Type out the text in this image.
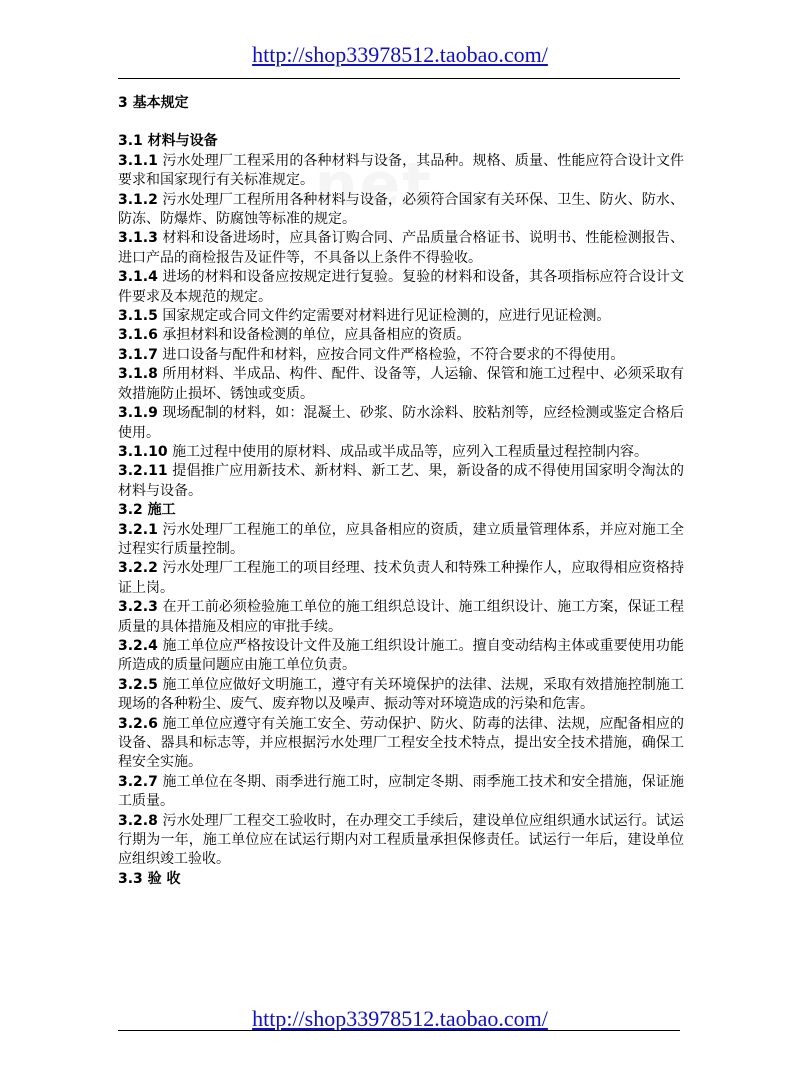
http://shop33978512.taobao.com/
.net

3 基本规定

3.1 材料与设备

3.1.1 污水处理厂工程采用的各种材料与设备，其品种。规格、质量、性能应符合设计文件要求和国家现行有关标准规定。

3.1.2 污水处理厂工程所用各种材料与设备，必须符合国家有关环保、卫生、防火、防水、防冻、防爆炸、防腐蚀等标准的规定。

3.1.3 材料和设备进场时，应具备订购合同、产品质量合格证书、说明书、性能检测报告、进口产品的商检报告及证件等，不具备以上条件不得验收。

3.1.4 进场的材料和设备应按规定进行复验。复验的材料和设备，其各项指标应符合设计文件要求及本规范的规定。

3.1.5 国家规定或合同文件约定需要对材料进行见证检测的，应进行见证检测。

3.1.6 承担材料和设备检测的单位，应具备相应的资质。

3.1.7 进口设备与配件和材料，应按合同文件严格检验，不符合要求的不得使用。

3.1.8 所用材料、半成品、构件、配件、设备等，人运输、保管和施工过程中、必须采取有效措施防止损坏、锈蚀或变质。

3.1.9 现场配制的材料，如：混凝土、砂浆、防水涂料、胶粘剂等，应经检测或鉴定合格后使用。

3.1.10 施工过程中使用的原材料、成品或半成品等，应列入工程质量过程控制内容。

3.2.11 提倡推广应用新技术、新材料、新工艺、果，新设备的成不得使用国家明令淘汰的材料与设备。

3.2 施工

3.2.1 污水处理厂工程施工的单位，应具备相应的资质，建立质量管理体系，并应对施工全过程实行质量控制。

3.2.2 污水处理厂工程施工的项目经理、技术负责人和特殊工种操作人，应取得相应资格持证上岗。

3.2.3 在开工前必须检验施工单位的施工组织总设计、施工组织设计、施工方案，保证工程质量的具体措施及相应的审批手续。

3.2.4 施工单位应严格按设计文件及施工组织设计施工。擅自变动结构主体或重要使用功能所造成的质量问题应由施工单位负责。

3.2.5 施工单位应做好文明施工，遵守有关环境保护的法律、法规，采取有效措施控制施工现场的各种粉尘、废气、废弃物以及噪声、振动等对环境造成的污染和危害。

3.2.6 施工单位应遵守有关施工安全、劳动保护、防火、防毒的法律、法规，应配备相应的设备、器具和标志等，并应根据污水处理厂工程安全技术特点，提出安全技术措施，确保工程安全实施。

3.2.7 施工单位在冬期、雨季进行施工时，应制定冬期、雨季施工技术和安全措施，保证施工质量。

3.2.8 污水处理厂工程交工验收时，在办理交工手续后，建设单位应组织通水试运行。试运行期为一年，施工单位应在试运行期内对工程质量承担保修责任。试运行一年后，建设单位应组织竣工验收。

3.3 验 收

http://shop33978512.taobao.com/
